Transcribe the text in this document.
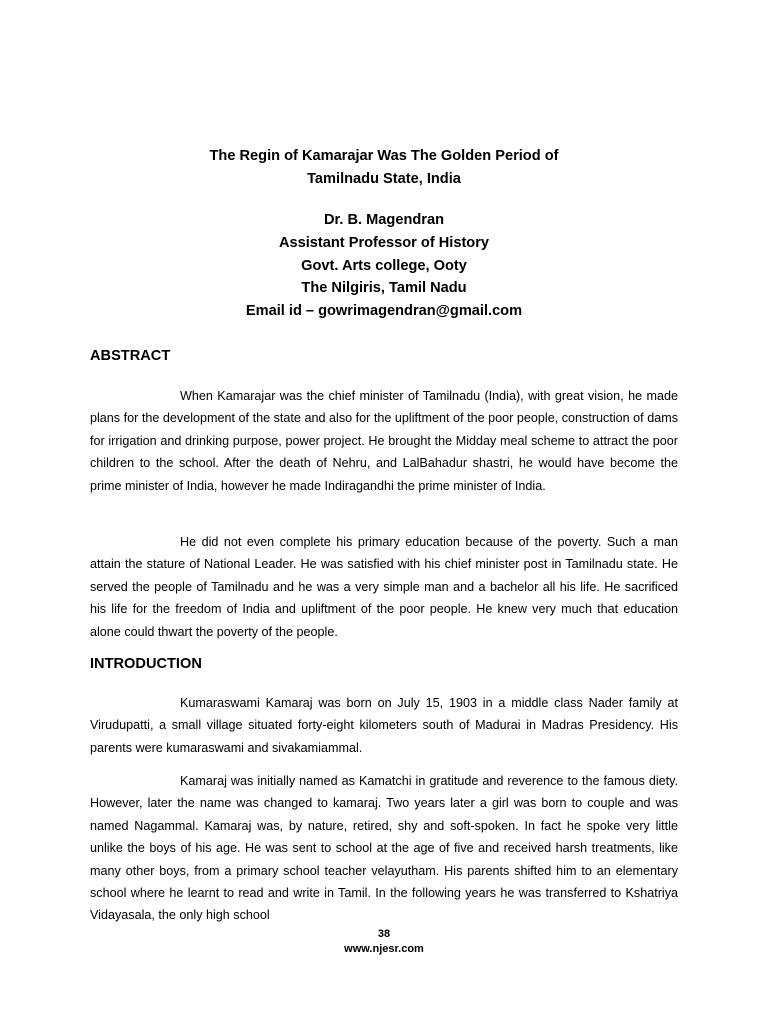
The Regin of Kamarajar Was The Golden Period of
Tamilnadu State, India
Dr. B. Magendran
Assistant Professor of History
Govt. Arts college, Ooty
The Nilgiris, Tamil Nadu
Email id – gowrimagendran@gmail.com
ABSTRACT

When Kamarajar was the chief minister of Tamilnadu (India), with great vision, he made plans for the development of the state and also for the upliftment of the poor people, construction of dams for irrigation and drinking purpose, power project. He brought the Midday meal scheme to attract the poor children to the school. After the death of Nehru, and LalBahadur shastri, he would have become the prime minister of India, however he made Indiragandhi the prime minister of India.

He did not even complete his primary education because of the poverty. Such a man attain the stature of National Leader. He was satisfied with his chief minister post in Tamilnadu state. He served the people of Tamilnadu and he was a very simple man and a bachelor all his life. He sacrificed his life for the freedom of India and upliftment of the poor people. He knew very much that education alone could thwart the poverty of the people.

INTRODUCTION

Kumaraswami Kamaraj was born on July 15, 1903 in a middle class Nader family at Virudupatti, a small village situated forty-eight kilometers south of Madurai in Madras Presidency. His parents were kumaraswami and sivakamiammal.

Kamaraj was initially named as Kamatchi in gratitude and reverence to the famous diety. However, later the name was changed to kamaraj. Two years later a girl was born to couple and was named Nagammal. Kamaraj was, by nature, retired, shy and soft-spoken. In fact he spoke very little unlike the boys of his age. He was sent to school at the age of five and received harsh treatments, like many other boys, from a primary school teacher velayutham. His parents shifted him to an elementary school where he learnt to read and write in Tamil. In the following years he was transferred to Kshatriya Vidayasala, the only high school

38
www.njesr.com
